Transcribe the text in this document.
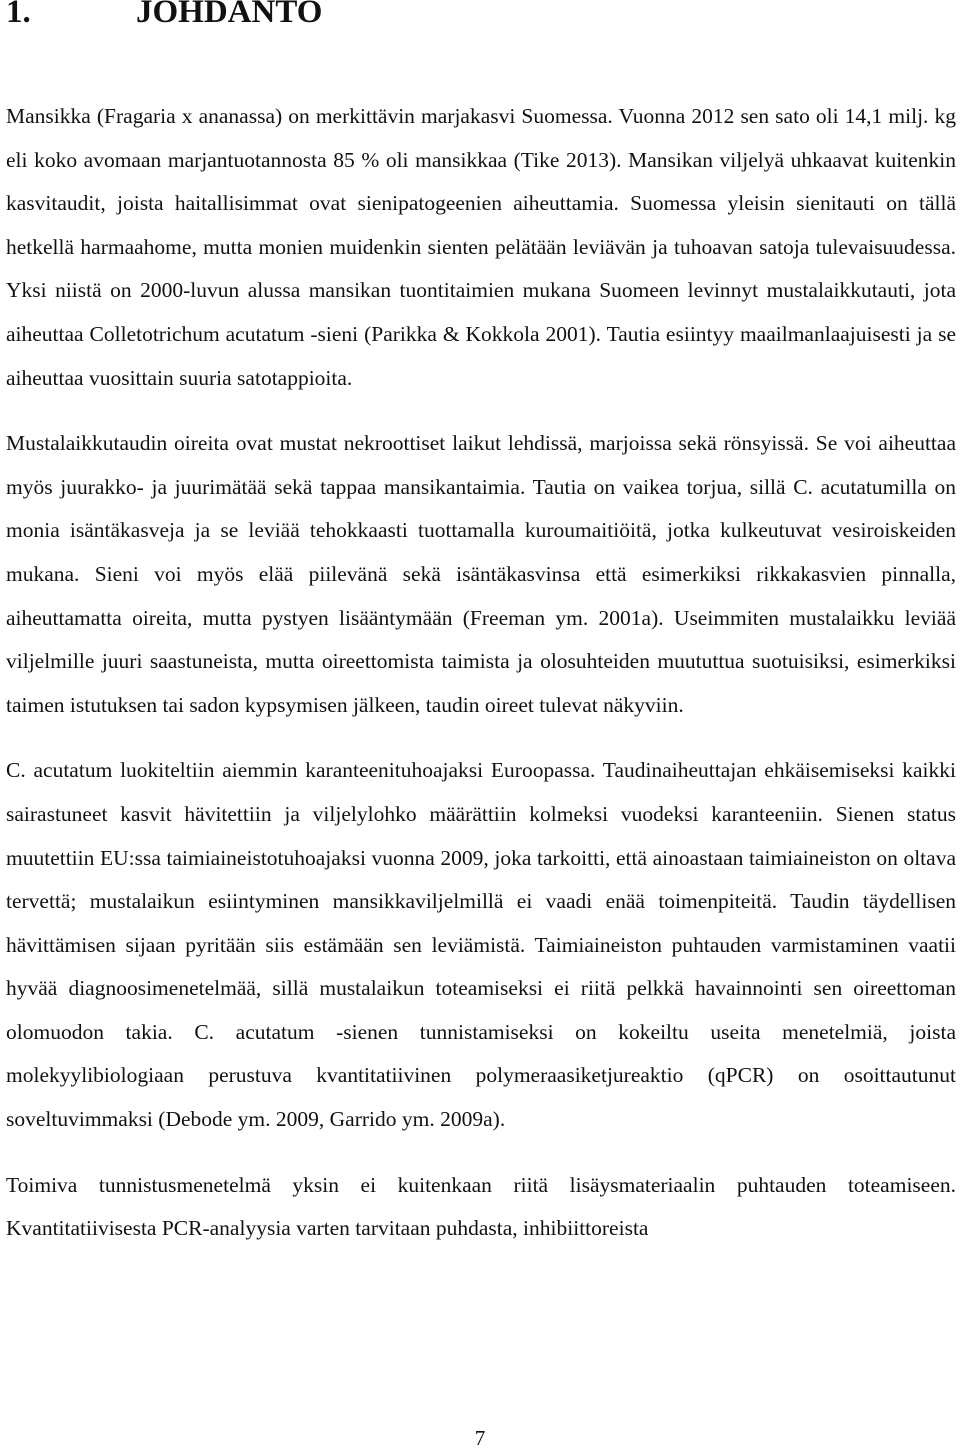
1.	JOHDANTO

Mansikka (Fragaria x ananassa) on merkittävin marjakasvi Suomessa. Vuonna 2012 sen sato oli 14,1 milj. kg eli koko avomaan marjantuotannosta 85 % oli mansikkaa (Tike 2013). Mansikan viljelyä uhkaavat kuitenkin kasvitaudit, joista haitallisimmat ovat sienipatogeenien aiheuttamia. Suomessa yleisin sienitauti on tällä hetkellä harmaahome, mutta monien muidenkin sienten pelätään leviävän ja tuhoavan satoja tulevaisuudessa. Yksi niistä on 2000-luvun alussa mansikan tuontitaimien mukana Suomeen levinnyt mustalaikkutauti, jota aiheuttaa Colletotrichum acutatum -sieni (Parikka & Kokkola 2001). Tautia esiintyy maailmanlaajuisesti ja se aiheuttaa vuosittain suuria satotappioita.

Mustalaikkutaudin oireita ovat mustat nekroottiset laikut lehdissä, marjoissa sekä rönsyissä. Se voi aiheuttaa myös juurakko- ja juurimätää sekä tappaa mansikantaimia. Tautia on vaikea torjua, sillä C. acutatumilla on monia isäntäkasveja ja se leviää tehokkaasti tuottamalla kuroumaitiöitä, jotka kulkeutuvat vesiroiskeiden mukana. Sieni voi myös elää piilevänä sekä isäntäkasvinsa että esimerkiksi rikkakasvien pinnalla, aiheuttamatta oireita, mutta pystyen lisääntymään (Freeman ym. 2001a). Useimmiten mustalaikku leviää viljelmille juuri saastuneista, mutta oireettomista taimista ja olosuhteiden muututtua suotuisiksi, esimerkiksi taimen istutuksen tai sadon kypsymisen jälkeen, taudin oireet tulevat näkyviin.

C. acutatum luokiteltiin aiemmin karanteenituhoajaksi Euroopassa. Taudinaiheuttajan ehkäisemiseksi kaikki sairastuneet kasvit hävitettiin ja viljelylohko määrättiin kolmeksi vuodeksi karanteeniin. Sienen status muutettiin EU:ssa taimiaineistotuhoajaksi vuonna 2009, joka tarkoitti, että ainoastaan taimiaineiston on oltava tervettä; mustalaikun esiintyminen mansikkaviljelmillä ei vaadi enää toimenpiteitä. Taudin täydellisen hävittämisen sijaan pyritään siis estämään sen leviämistä. Taimiaineiston puhtauden varmistaminen vaatii hyvää diagnoosimenetelmää, sillä mustalaikun toteamiseksi ei riitä pelkkä havainnointi sen oireettoman olomuodon takia. C. acutatum -sienen tunnistamiseksi on kokeiltu useita menetelmiä, joista molekyylibiologiaan perustuva kvantitatiivinen polymeraasiketjureaktio (qPCR) on osoittautunut soveltuvimmaksi (Debode ym. 2009, Garrido ym. 2009a).

Toimiva tunnistusmenetelmä yksin ei kuitenkaan riitä lisäysmateriaalin puhtauden toteamiseen. Kvantitatiivisesta PCR-analyysia varten tarvitaan puhdasta, inhibiittoreista

7
